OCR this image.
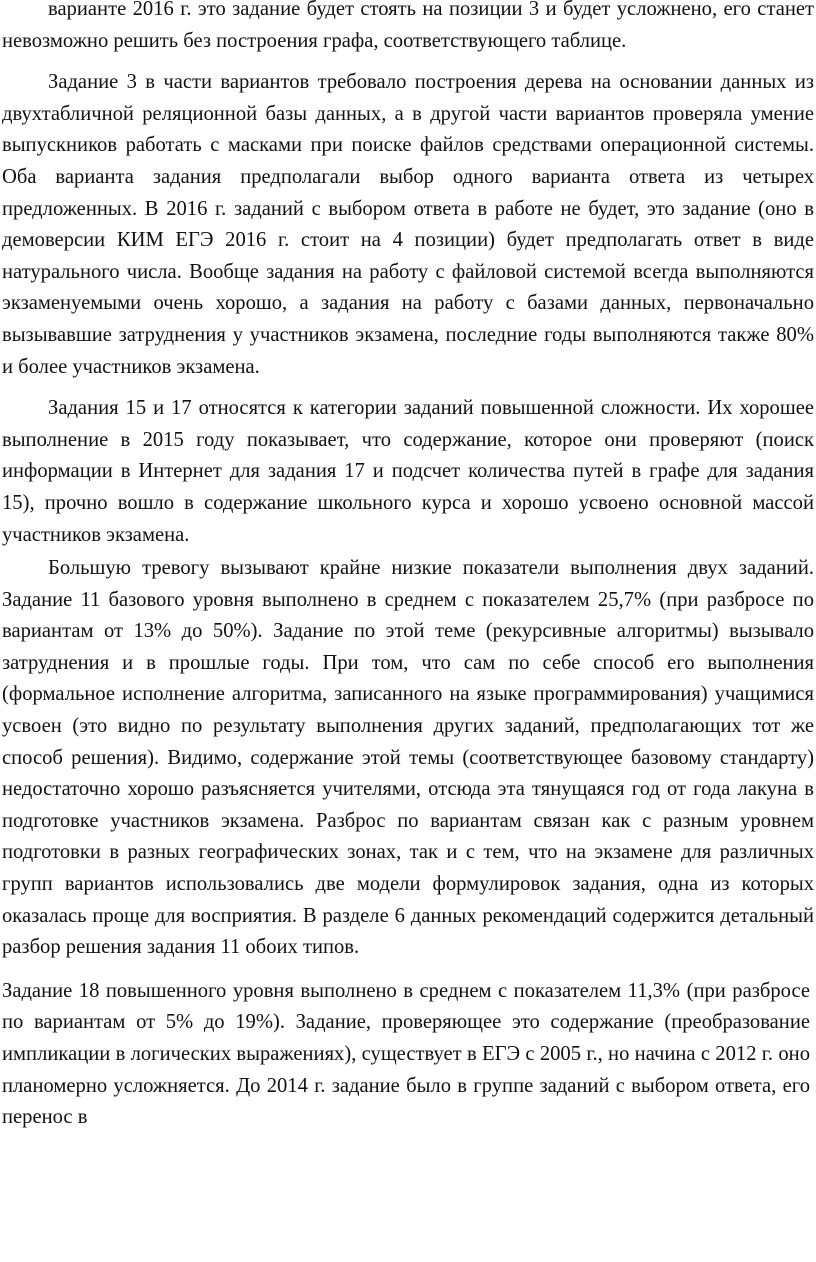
варианте 2016 г. это задание будет стоять на позиции 3 и будет усложнено, его станет невозможно решить без построения графа, соответствующего таблице.

Задание 3 в части вариантов требовало построения дерева на основании данных из двухтабличной реляционной базы данных, а в другой части вариантов проверяла умение выпускников работать с масками при поиске файлов средствами операционной системы. Оба варианта задания предполагали выбор одного варианта ответа из четырех предложенных. В 2016 г. заданий с выбором ответа в работе не будет, это задание (оно в демоверсии КИМ ЕГЭ 2016 г. стоит на 4 позиции) будет предполагать ответ в виде натурального числа. Вообще задания на работу с файловой системой всегда выполняются экзаменуемыми очень хорошо, а задания на работу с базами данных, первоначально вызывавшие затруднения у участников экзамена, последние годы выполняются также 80% и более участников экзамена.

Задания 15 и 17 относятся к категории заданий повышенной сложности. Их хорошее выполнение в 2015 году показывает, что содержание, которое они проверяют (поиск информации в Интернет для задания 17 и подсчет количества путей в графе для задания 15), прочно вошло в содержание школьного курса и хорошо усвоено основной массой участников экзамена.

Большую тревогу вызывают крайне низкие показатели выполнения двух заданий. Задание 11 базового уровня выполнено в среднем с показателем 25,7% (при разбросе по вариантам от 13% до 50%). Задание по этой теме (рекурсивные алгоритмы) вызывало затруднения и в прошлые годы. При том, что сам по себе способ его выполнения (формальное исполнение алгоритма, записанного на языке программирования) учащимися усвоен (это видно по результату выполнения других заданий, предполагающих тот же способ решения). Видимо, содержание этой темы (соответствующее базовому стандарту) недостаточно хорошо разъясняется учителями, отсюда эта тянущаяся год от года лакуна в подготовке участников экзамена. Разброс по вариантам связан как с разным уровнем подготовки в разных географических зонах, так и с тем, что на экзамене для различных групп вариантов использовались две модели формулировок задания, одна из которых оказалась проще для восприятия. В разделе 6 данных рекомендаций содержится детальный разбор решения задания 11 обоих типов.

Задание 18 повышенного уровня выполнено в среднем с показателем 11,3% (при разбросе по вариантам от 5% до 19%). Задание, проверяющее это содержание (преобразование импликации в логических выражениях), существует в ЕГЭ с 2005 г., но начина с 2012 г. оно планомерно усложняется. До 2014 г. задание было в группе заданий с выбором ответа, его перенос в
